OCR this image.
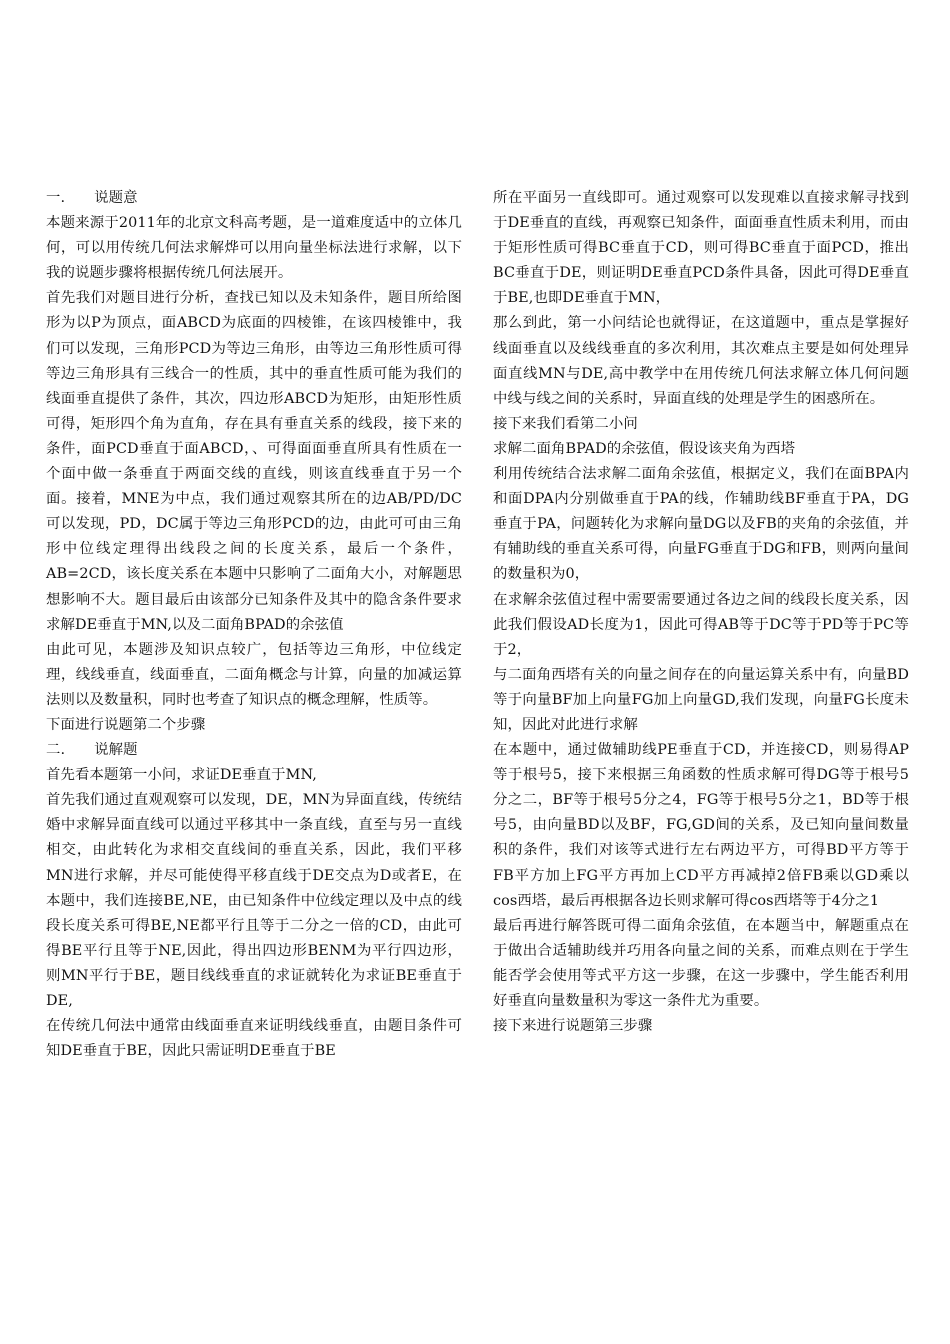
一.　　说题意

本题来源于2011年的北京文科高考题，是一道难度适中的立体几何，可以用传统几何法求解烨可以用向量坐标法进行求解，以下我的说题步骤将根据传统几何法展开。

首先我们对题目进行分析，查找已知以及未知条件，题目所给图形为以P为顶点，面ABCD为底面的四棱锥，在该四棱锥中，我们可以发现，三角形PCD为等边三角形，由等边三角形性质可得等边三角形具有三线合一的性质，其中的垂直性质可能为我们的线面垂直提供了条件，其次，四边形ABCD为矩形，由矩形性质可得，矩形四个角为直角，存在具有垂直关系的线段，接下来的条件，面PCD垂直于面ABCD，、可得面面垂直所具有性质在一个面中做一条垂直于两面交线的直线，则该直线垂直于另一个面。接着，MNE为中点，我们通过观察其所在的边AB/PD/DC可以发现，PD，DC属于等边三角形PCD的边，由此可可由三角形中位线定理得出线段之间的长度关系，最后一个条件，AB=2CD，该长度关系在本题中只影响了二面角大小，对解题思想影响不大。题目最后由该部分已知条件及其中的隐含条件要求求解DE垂直于MN,以及二面角BPAD的余弦值

由此可见，本题涉及知识点较广，包括等边三角形，中位线定理，线线垂直，线面垂直，二面角概念与计算，向量的加减运算法则以及数量积，同时也考查了知识点的概念理解，性质等。

下面进行说题第二个步骤

二.　　说解题

首先看本题第一小问，求证DE垂直于MN,

首先我们通过直观观察可以发现，DE，MN为异面直线，传统结婚中求解异面直线可以通过平移其中一条直线，直至与另一直线相交，由此转化为求相交直线间的垂直关系，因此，我们平移MN进行求解，并尽可能使得平移直线于DE交点为D或者E，在本题中，我们连接BE,NE，由已知条件中位线定理以及中点的线段长度关系可得BE,NE都平行且等于二分之一倍的CD，由此可得BE平行且等于NE,因此，得出四边形BENM为平行四边形，则MN平行于BE，题目线线垂直的求证就转化为求证BE垂直于DE,

在传统几何法中通常由线面垂直来证明线线垂直，由题目条件可知DE垂直于BE，因此只需证明DE垂直于BE

所在平面另一直线即可。通过观察可以发现难以直接求解寻找到于DE垂直的直线，再观察已知条件，面面垂直性质未利用，而由于矩形性质可得BC垂直于CD，则可得BC垂直于面PCD，推出BC垂直于DE，则证明DE垂直PCD条件具备，因此可得DE垂直于BE,也即DE垂直于MN，

那么到此，第一小问结论也就得证，在这道题中，重点是掌握好线面垂直以及线线垂直的多次利用，其次难点主要是如何处理异面直线MN与DE,高中教学中在用传统几何法求解立体几何问题中线与线之间的关系时，异面直线的处理是学生的困惑所在。

接下来我们看第二小问

求解二面角BPAD的余弦值，假设该夹角为西塔

利用传统结合法求解二面角余弦值，根据定义，我们在面BPA内和面DPA内分别做垂直于PA的线，作辅助线BF垂直于PA，DG垂直于PA，问题转化为求解向量DG以及FB的夹角的余弦值，并有辅助线的垂直关系可得，向量FG垂直于DG和FB，则两向量间的数量积为0，

在求解余弦值过程中需要需要通过各边之间的线段长度关系，因此我们假设AD长度为1，因此可得AB等于DC等于PD等于PC等于2，

与二面角西塔有关的向量之间存在的向量运算关系中有，向量BD等于向量BF加上向量FG加上向量GD,我们发现，向量FG长度未知，因此对此进行求解

在本题中，通过做辅助线PE垂直于CD，并连接CD，则易得AP等于根号5，接下来根据三角函数的性质求解可得DG等于根号5分之二，BF等于根号5分之4，FG等于根号5分之1，BD等于根号5，由向量BD以及BF，FG,GD间的关系，及已知向量间数量积的条件，我们对该等式进行左右两边平方，可得BD平方等于FB平方加上FG平方再加上CD平方再减掉2倍FB乘以GD乘以cos西塔，最后再根据各边长则求解可得cos西塔等于4分之1

最后再进行解答既可得二面角余弦值，在本题当中，解题重点在于做出合适辅助线并巧用各向量之间的关系，而难点则在于学生能否学会使用等式平方这一步骤，在这一步骤中，学生能否利用好垂直向量数量积为零这一条件尤为重要。

接下来进行说题第三步骤
